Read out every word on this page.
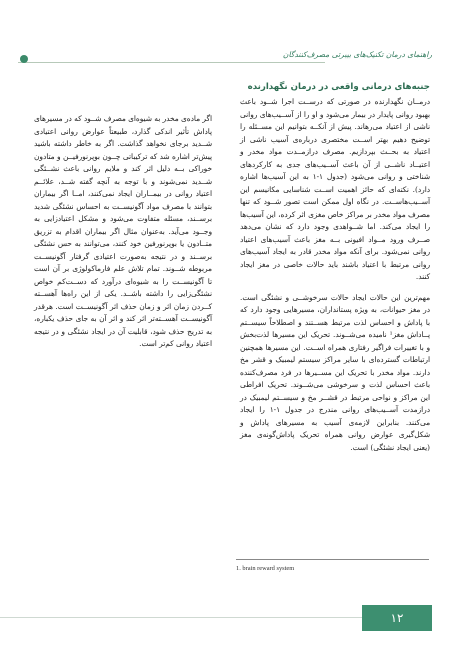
راهنمای درمان تکنیک‌های بیبرتی مصرف‌کنندگان
جنبه‌های درمانی واقعی در درمان نگهدارنده

درمــان نگهدارنده در صورتی که درســت اجرا شــود باعث بهبود روانی پایدار در بیمار می‌شود و او را از آســیب‌های روانی ناشی از اعتیاد می‌رهاند. پیش از آنکــه بتوانیم این مســئله را توضیح دهیم بهتر اســت مختصری درباره‌ی آسیب ناشی از اعتیاد به بحــث بپردازیم. مصرف درازمــدت مواد مخدر و اعتیــاد ناشــی از آن باعث آســیب‌های جدی به کارکردهای شناختی و روانی می‌شود (جدول ۱-۱ به این آسیب‌ها اشاره دارد). نکته‌ای که حائز اهمیت اســت شناسایی مکانیسم این آســیب‌هاســت. در نگاه اول ممکن است تصور شــود که تنها مصرف مواد مخدر بر مراکز خاص مغزی اثر کرده، این آسیب‌ها را ایجاد می‌کند. اما شــواهدی وجود دارد که نشان می‌دهد صــرف ورود مــواد افیونی بــه مغز باعث آسیب‌های اعتیاد روانی نمی‌شود. برای آنکه مواد مخدر قادر به ایجاد آسیب‌های روانی مرتبط با اعتیاد باشند باید حالات خاصی در مغز ایجاد کنند.

مهم‌ترین این حالات ایجاد حالات سرخوشــی و نشئگی است. در مغز حیوانات، به ویژه پستانداران، مسیرهایی وجود دارد که با پاداش و احساس لذت مرتبط هســتند و اصطلاحاً سیســتم پــاداش مغز¹ نامیده می‌شــوند. تحریک این مسیرها لذت‌بخش و با تغییرات فراگیر رفتاری همراه اســت. این مسیرها همچنین ارتباطات گسترده‌ای با سایر مراکز سیستم لیمبیک و قشر مخ دارند. مواد مخدر با تحریک این مســیرها در فرد مصرف‌کننده باعث احساس لذت و سرخوشی می‌شــوند. تحریک افراطی این مراکز و نواحی مرتبط در قشــر مخ و سیســتم لیمبیک در درازمدت آســیب‌های روانی مندرج در جدول ۱-۱ را ایجاد می‌کنند. بنابراین لازمه‌ی آسیب به مسیرهای پاداش و شکل‌گیری عوارض روانی همراه تحریک پاداش‌گونه‌ی مغز (یعنی ایجاد نشئگی) است.

اگر ماده‌ی مخدر به شیوه‌ای مصرف شــود که در مسیرهای پاداش تأثیر اندکی گذارد، طبیعتاً عوارض روانی اعتیادی شــدید برجای نخواهد گذاشت. اگر به خاطر داشته باشید پیش‌تر اشاره شد که ترکیباتی چــون بوپرنورفیــن و متادون خوراکی بــه دلیل اثر کند و ملایم روانی باعث نشــئگی شــدید نمی‌شوند و با توجه به آنچه گفته شــد، علائــم اعتیاد روانی در بیمــاران ایجاد نمی‌کنند، امــا اگر بیماران بتوانند با مصرف مواد آگونیســت به احساس نشئگی شدید برســند، مسئله متفاوت می‌شود و مشکل اعتیادزایی به وجــود می‌آید. به‌عنوان مثال اگر بیماران اقدام به تزریق متــادون یا بوپرنورفین خود کنند، می‌توانند به حس نشئگی برســند و در نتیجه به‌صورت اعتیادی گرفتار آگونیســت مربوطه شــوند. تمام تلاش علم فارماکولوژی بر آن است تا آگونیســت را به شیوه‌ای درآورد که دســت‌کم خواص نشئگی‌زایی را داشته باشــد. یکی از این راه‌ها آهســته کــردن زمان اثر و زمان حذف اثر آگونیســت است. هرقدر آگونیســت آهســته‌تر اثر کند و اثر آن به جای حذف یکباره، به تدریج حذف شود، قابلیت آن در ایجاد نشئگی و در نتیجه اعتیاد روانی کم‌تر است.

1. brain reward system
۱۲
